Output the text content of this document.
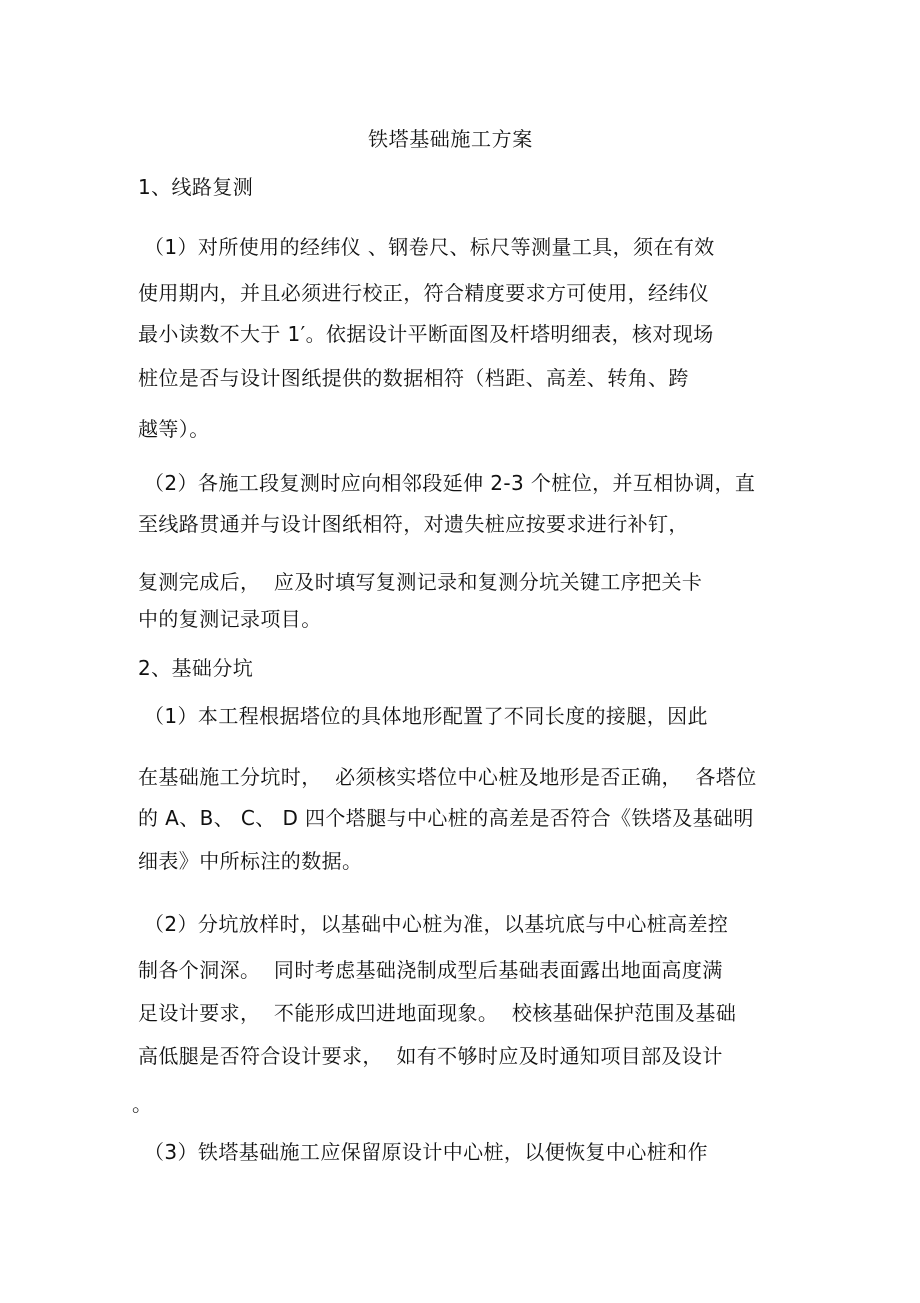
铁塔基础施工方案
1、线路复测
（1）对所使用的经纬仪 、钢卷尺、标尺等测量工具，须在有效
使用期内，并且必须进行校正，符合精度要求方可使用，经纬仪
最小读数不大于 1′。依据设计平断面图及杆塔明细表，核对现场
桩位是否与设计图纸提供的数据相符（档距、高差、转角、跨
越等）。
（2）各施工段复测时应向相邻段延伸 2-3 个桩位，并互相协调，直
至线路贯通并与设计图纸相符，对遗失桩应按要求进行补钉，
复测完成后，  应及时填写复测记录和复测分坑关键工序把关卡
中的复测记录项目。
2、基础分坑
（1）本工程根据塔位的具体地形配置了不同长度的接腿，因此
在基础施工分坑时，  必须核实塔位中心桩及地形是否正确，  各塔位
的 A、B、 C、 D 四个塔腿与中心桩的高差是否符合《铁塔及基础明
细表》中所标注的数据。
（2）分坑放样时，以基础中心桩为准，以基坑底与中心桩高差控
制各个洞深。  同时考虑基础浇制成型后基础表面露出地面高度满
足设计要求，  不能形成凹进地面现象。  校核基础保护范围及基础
高低腿是否符合设计要求，  如有不够时应及时通知项目部及设计
。
（3）铁塔基础施工应保留原设计中心桩，以便恢复中心桩和作
